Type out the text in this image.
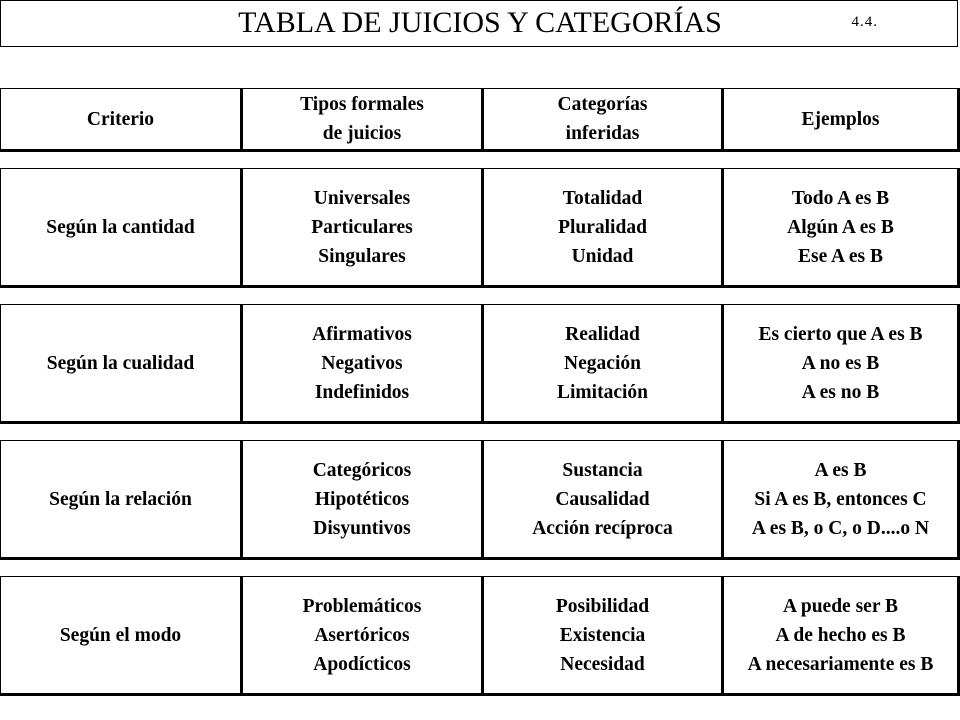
TABLA DE JUICIOS Y CATEGORÍAS	4.4.
Criterio
Tipos formales
de juicios
Categorías
inferidas
Ejemplos
Según la cantidad
Universales
Particulares
Singulares
Totalidad
Pluralidad
Unidad
Todo A es B
Algún A es B
Ese A es B
Según la cualidad
Afirmativos
Negativos
Indefinidos
Realidad
Negación
Limitación
Es cierto que A es B
A no es B
A es no B
Según la relación
Categóricos
Hipotéticos
Disyuntivos
Sustancia
Causalidad
Acción recíproca
A es B
Si A es B, entonces C
A es B, o C, o D....o N
Según el modo
Problemáticos
Asertóricos
Apodícticos
Posibilidad
Existencia
Necesidad
A puede ser B
A de hecho es B
A necesariamente es B
